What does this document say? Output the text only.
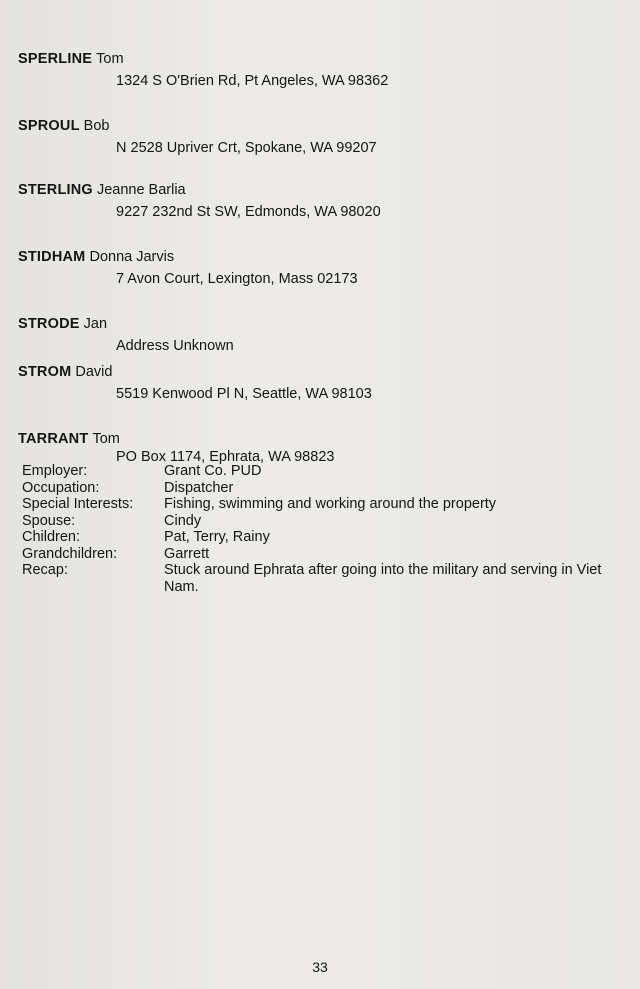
SPERLINE Tom
1324 S O'Brien Rd, Pt Angeles, WA 98362
SPROUL Bob
N 2528 Upriver Crt, Spokane, WA 99207
STERLING Jeanne Barlia
9227 232nd St SW, Edmonds, WA 98020
STIDHAM Donna Jarvis
7 Avon Court, Lexington, Mass 02173
STRODE Jan
Address Unknown
STROM David
5519 Kenwood Pl N, Seattle, WA 98103
TARRANT Tom
PO Box 1174, Ephrata, WA 98823
Employer:	Grant Co. PUD
Occupation:	Dispatcher
Special Interests:	Fishing, swimming and working around the property
Spouse:	Cindy
Children:	Pat, Terry, Rainy
Grandchildren:	Garrett
Recap:	Stuck around Ephrata after going into the military and serving in Viet Nam.
33
